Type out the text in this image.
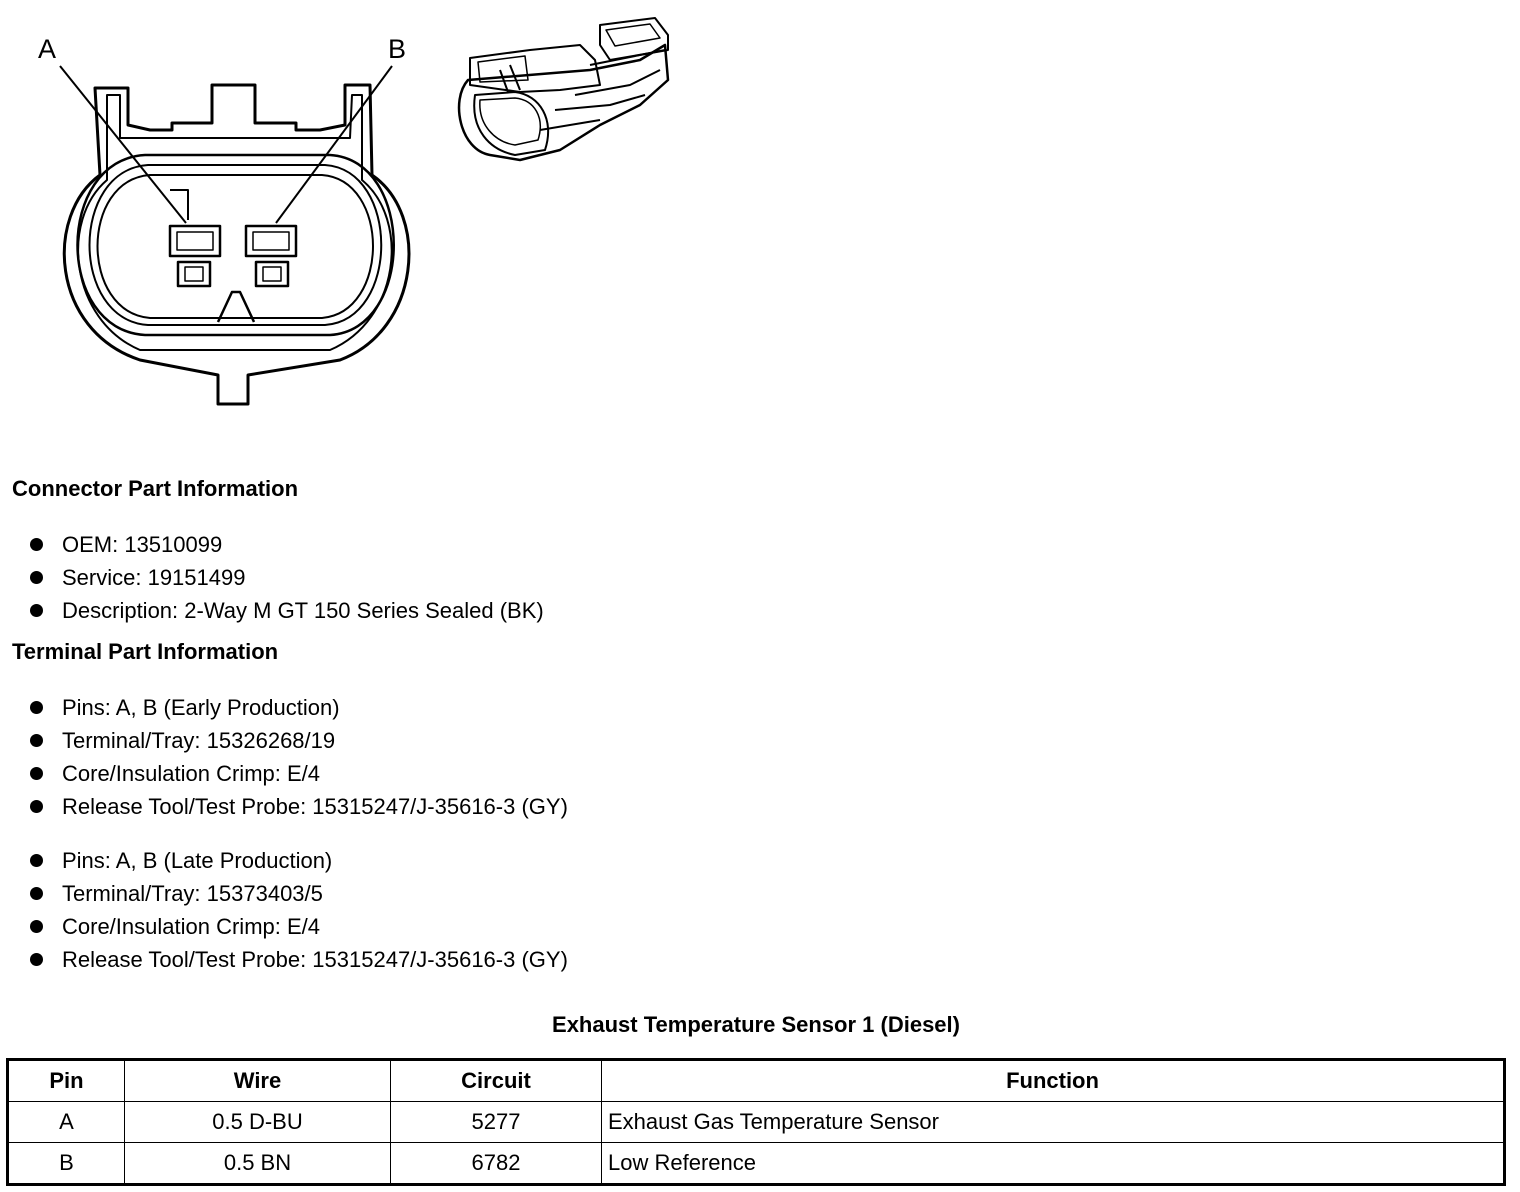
A	B
Connector Part Information
OEM: 13510099
Service: 19151499
Description: 2-Way M GT 150 Series Sealed (BK)
Terminal Part Information
Pins: A, B (Early Production)
Terminal/Tray: 15326268/19
Core/Insulation Crimp: E/4
Release Tool/Test Probe: 15315247/J-35616-3 (GY)
Pins: A, B (Late Production)
Terminal/Tray: 15373403/5
Core/Insulation Crimp: E/4
Release Tool/Test Probe: 15315247/J-35616-3 (GY)
Exhaust Temperature Sensor 1 (Diesel)
Pin	Wire	Circuit	Function
A	0.5 D-BU	5277	Exhaust Gas Temperature Sensor
B	0.5 BN	6782	Low Reference
